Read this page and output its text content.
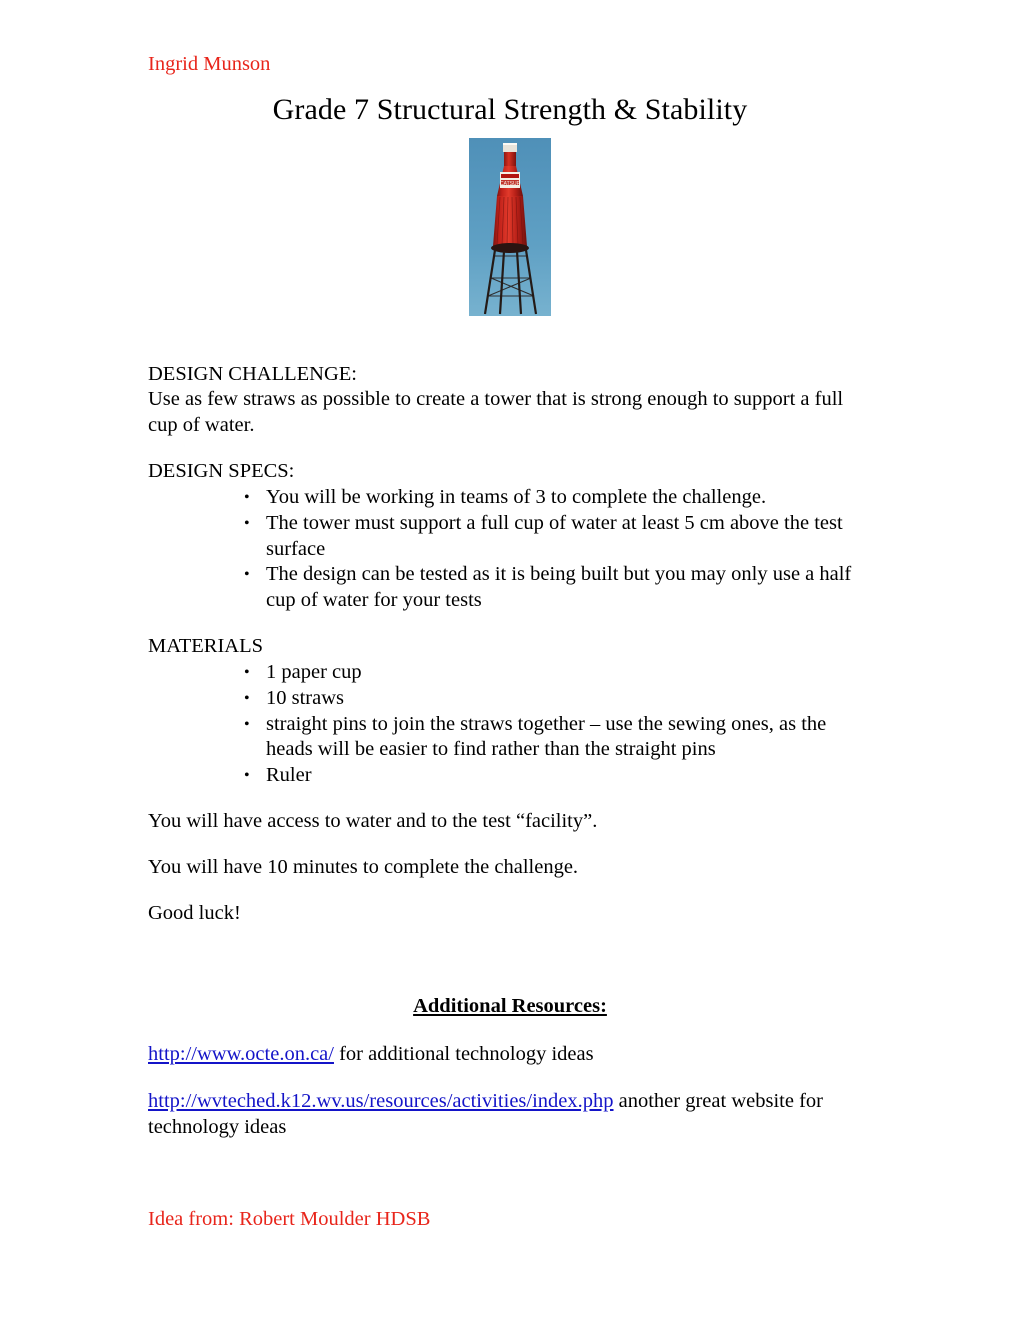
Ingrid Munson
Grade 7 Structural Strength & Stability
CATSUP
DESIGN CHALLENGE:
Use as few straws as possible to create a tower that is strong enough to support a full cup of water.
DESIGN SPECS:
• You will be working in teams of 3 to complete the challenge.
• The tower must support a full cup of water at least 5 cm above the test surface
• The design can be tested as it is being built but you may only use a half cup of water for your tests
MATERIALS
• 1 paper cup
• 10 straws
• straight pins to join the straws together – use the sewing ones, as the heads will be easier to find rather than the straight pins
• Ruler
You will have access to water and to the test “facility”.
You will have 10 minutes to complete the challenge.
Good luck!
Additional Resources:
http://www.octe.on.ca/ for additional technology ideas
http://wvteched.k12.wv.us/resources/activities/index.php another great website for technology ideas
Idea from: Robert Moulder HDSB
